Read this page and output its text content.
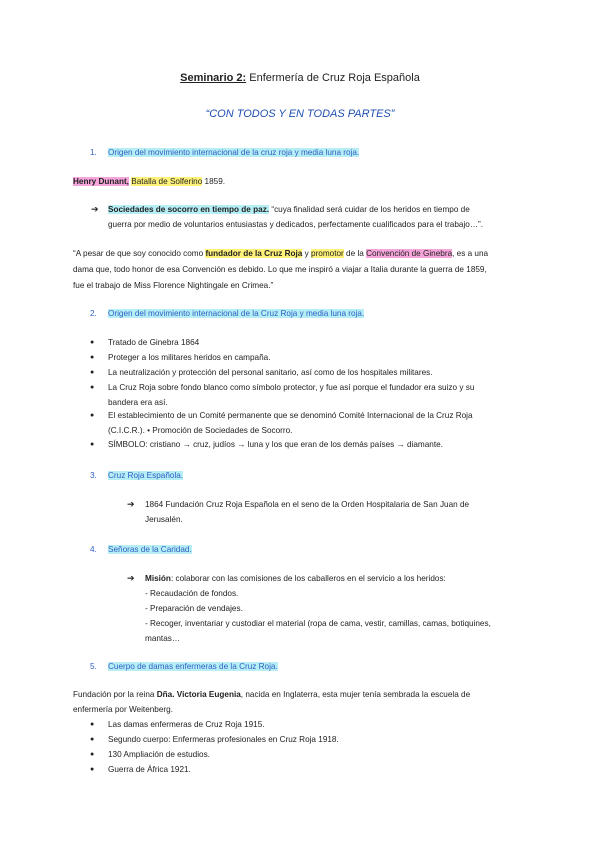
Seminario 2: Enfermería de Cruz Roja Española
“CON TODOS Y EN TODAS PARTES”
1. Origen del movimiento internacional de la cruz roja y media luna roja.
Henry Dunant, Batalla de Solferino 1859.
➔ Sociedades de socorro en tiempo de paz. “cuya finalidad será cuidar de los heridos en tiempo de
guerra por medio de voluntarios entusiastas y dedicados, perfectamente cualificados para el trabajo…”.
“A pesar de que soy conocido como fundador de la Cruz Roja y promotor de la Convención de Ginebra, es a una
dama que, todo honor de esa Convención es debido. Lo que me inspiró a viajar a Italia durante la guerra de 1859,
fue el trabajo de Miss Florence Nightingale en Crimea.”
2. Origen del movimiento internacional de la Cruz Roja y media luna roja.
● Tratado de Ginebra 1864
● Proteger a los militares heridos en campaña.
● La neutralización y protección del personal sanitario, así como de los hospitales militares.
● La Cruz Roja sobre fondo blanco como símbolo protector, y fue así porque el fundador era suizo y su
bandera era así.
● El establecimiento de un Comité permanente que se denominó Comité Internacional de la Cruz Roja
(C.I.C.R.). • Promoción de Sociedades de Socorro.
● SÍMBOLO: cristiano → cruz, judíos → luna y los que eran de los demás países → diamante.
3. Cruz Roja Española.
➔ 1864 Fundación Cruz Roja Española en el seno de la Orden Hospitalaria de San Juan de
Jerusalén.
4. Señoras de la Caridad.
➔ Misión: colaborar con las comisiones de los caballeros en el servicio a los heridos:
- Recaudación de fondos.
- Preparación de vendajes.
- Recoger, inventariar y custodiar el material (ropa de cama, vestir, camillas, camas, botiquines,
mantas…
5. Cuerpo de damas enfermeras de la Cruz Roja.
Fundación por la reina Dña. Victoria Eugenia, nacida en Inglaterra, esta mujer tenía sembrada la escuela de
enfermería por Weitenberg.
● Las damas enfermeras de Cruz Roja 1915.
● Segundo cuerpo: Enfermeras profesionales en Cruz Roja 1918.
● 130 Ampliación de estudios.
● Guerra de África 1921.
